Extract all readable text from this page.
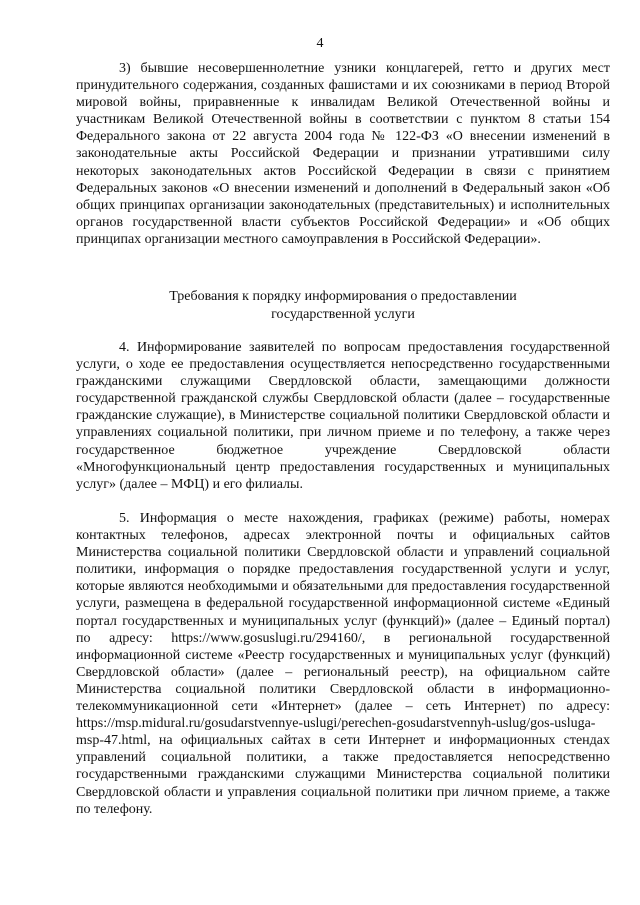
4

3) бывшие несовершеннолетние узники концлагерей, гетто и других мест принудительного содержания, созданных фашистами и их союзниками в период Второй мировой войны, приравненные к инвалидам Великой Отечественной войны и участникам Великой Отечественной войны в соответствии с пунктом 8 статьи 154 Федерального закона от 22 августа 2004 года № 122-ФЗ «О внесении изменений в законодательные акты Российской Федерации и признании утратившими силу некоторых законодательных актов Российской Федерации в связи с принятием Федеральных законов «О внесении изменений и дополнений в Федеральный закон «Об общих принципах организации законодательных (представительных) и исполнительных органов государственной власти субъектов Российской Федерации» и «Об общих принципах организации местного самоуправления в Российской Федерации».

Требования к порядку информирования о предоставлении
государственной услуги

4. Информирование заявителей по вопросам предоставления государственной услуги, о ходе ее предоставления осуществляется непосредственно государственными гражданскими служащими Свердловской области, замещающими должности государственной гражданской службы Свердловской области (далее – государственные гражданские служащие), в Министерстве социальной политики Свердловской области и управлениях социальной политики, при личном приеме и по телефону, а также через государственное бюджетное учреждение Свердловской области «Многофункциональный центр предоставления государственных и муниципальных услуг» (далее – МФЦ) и его филиалы.

5. Информация о месте нахождения, графиках (режиме) работы, номерах контактных телефонов, адресах электронной почты и официальных сайтов Министерства социальной политики Свердловской области и управлений социальной политики, информация о порядке предоставления государственной услуги и услуг, которые являются необходимыми и обязательными для предоставления государственной услуги, размещена в федеральной государственной информационной системе «Единый портал государственных и муниципальных услуг (функций)» (далее – Единый портал) по адресу: https://www.gosuslugi.ru/294160/, в региональной государственной информационной системе «Реестр государственных и муниципальных услуг (функций) Свердловской области» (далее – региональный реестр), на официальном сайте Министерства социальной политики Свердловской области в информационно-телекоммуникационной сети «Интернет» (далее – сеть Интернет) по адресу: https://msp.midural.ru/gosudarstvennye-uslugi/perechen-gosudarstvennyh-uslug/gos-usluga-msp-47.html, на официальных сайтах в сети Интернет и информационных стендах управлений социальной политики, а также предоставляется непосредственно государственными гражданскими служащими Министерства социальной политики Свердловской области и управления социальной политики при личном приеме, а также по телефону.
